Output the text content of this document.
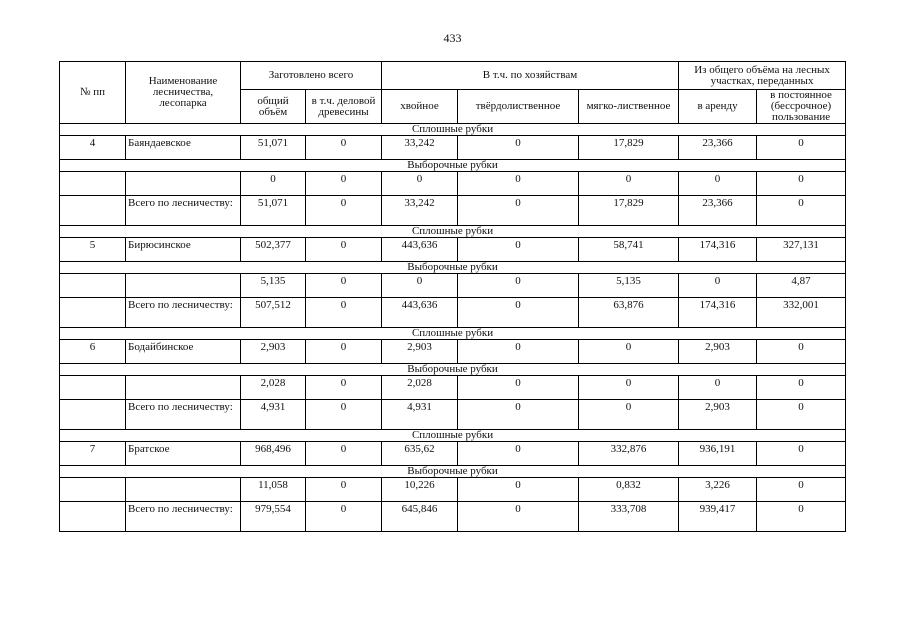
433
№ пп	Наименование лесничества, лесопарка	Заготовлено всего		В т.ч. по хозяйствам			Из общего объёма на лесных участках, переданных	
		общий объём	в т.ч. деловой древесины	хвойное	твёрдолиственное	мягко-лиственное	в аренду	в постоянное (бессрочное) пользование
Сплошные рубки								
4	Баяндаевское	51,071	0	33,242	0	17,829	23,366	0
Выборочные рубки								
		0	0	0	0	0	0	0
	Всего по лесничеству:	51,071	0	33,242	0	17,829	23,366	0
Сплошные рубки								
5	Бирюсинское	502,377	0	443,636	0	58,741	174,316	327,131
Выборочные рубки								
		5,135	0	0	0	5,135	0	4,87
	Всего по лесничеству:	507,512	0	443,636	0	63,876	174,316	332,001
Сплошные рубки								
6	Бодайбинское	2,903	0	2,903	0	0	2,903	0
Выборочные рубки								
		2,028	0	2,028	0	0	0	0
	Всего по лесничеству:	4,931	0	4,931	0	0	2,903	0
Сплошные рубки								
7	Братское	968,496	0	635,62	0	332,876	936,191	0
Выборочные рубки								
		11,058	0	10,226	0	0,832	3,226	0
	Всего по лесничеству:	979,554	0	645,846	0	333,708	939,417	0
